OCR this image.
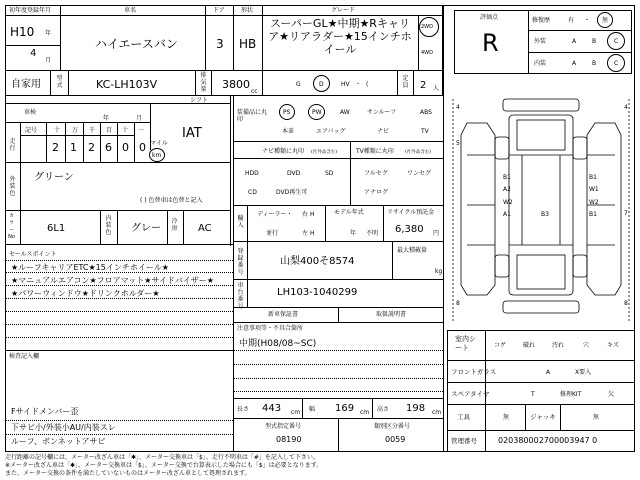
初年度登録年月	車名	ドア	形状	グレード
H10 年
4
月
ハイエースバン	3 HB
スーパーGL★中期★Rキャリア★リアラダー★15インチホイール
2WD
4WD
自家用
型式	KC-LH103V
排気量 3800
cc
G	D	HV ・ (
定員 2 人
評価点
R
修復歴	有 ・ 無
外装	A	B	C
内装	A	B	C
シフト
車検
年	月
走行
記号	十 万 千 百 十 一
2 1 2 6 0 0 マイル
km
IAT
外装色
グリーン
( ) 色替車は色替と記入
カラーNo
6L1
内装色 グレー
冷房 AC
セールスポイント
★ルーフキャリアETC★15インチホイール★
★マニュアルエアコン★フロアマット★サイドバイザー★
★パワーウィンドウ★ドリンクホルダー★
検査記入欄
Fサイドメンバー歪
下サビ小/外装小AU/内装スレ
ルーフ、ボンネットアサビ
装備品に丸印
PS	PW	AW	サンルーフ	ABS
本革	エアバッグ	ナビ	TV
ナビ種類に丸印 (社外品含む)	TV種類に丸印 (社外品含む)
HDD	DVD	SD
CD	DVD再生可
フルセグ	ワンセグ
アナログ
輸入
ディーラー・
並行
右 H
左 H
モデル年式
年 不明
リサイクル預託金
6,380 円
登録番号
山梨400そ8574
最大積載量
kg
車台番号
LH103-1040299
新車保証書	取扱説明書
注意事項等・不具合箇所
中期(H08/08~SC)
長さ 443 cm 幅 169 cm 高さ 198 cm
型式指定番号
08190
類別区分番号
0059
4	4
5
7
8	8
B1
A2
W2
B1
W1
W2
B3
A1	B1
室内シート	コゲ	破れ	汚れ	穴	キズ
フロントガラス	A	X要入
スペアタイヤ	T	修理KIT	欠
工具	無	ジャッキ	無
管理番号	020380002700003947 0
走行距離の記号欄には、メーター改ざん車は「✱」、メーター交換車は「$」、走行不明車は「#」を記入して下さい。
※メーター改ざん車は「✱」、メーター交換車は「$」、メーター交換で台算表示した場合にも「$」は必要となります。
また、メーター交換の条件を満たしていないものはメーター改ざん車として処理されます。
